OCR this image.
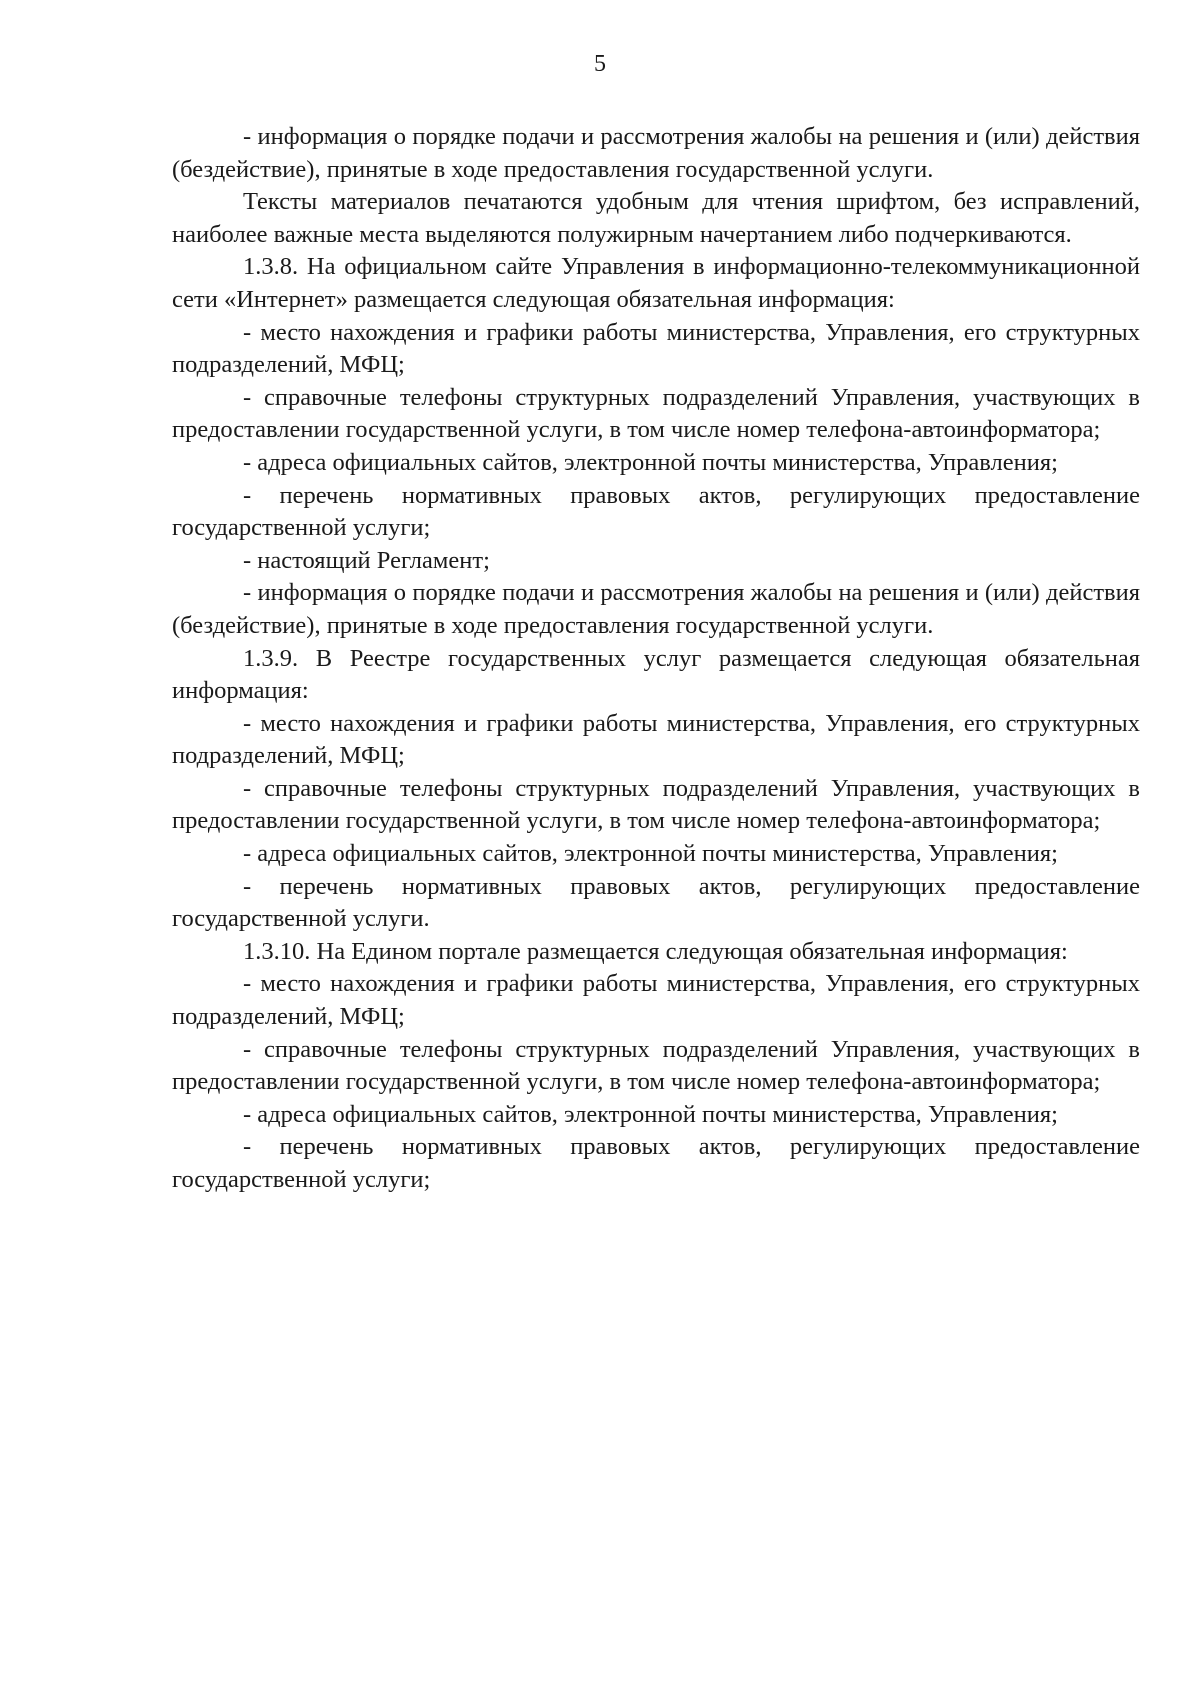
5

- информация о порядке подачи и рассмотрения жалобы на решения и (или) действия (бездействие), принятые в ходе предоставления государственной услуги.

Тексты материалов печатаются удобным для чтения шрифтом, без исправлений, наиболее важные места выделяются полужирным начертанием либо подчеркиваются.

1.3.8. На официальном сайте Управления в информационно-телекоммуникационной сети «Интернет» размещается следующая обязательная информация:

- место нахождения и графики работы министерства, Управления, его структурных подразделений, МФЦ;

- справочные телефоны структурных подразделений Управления, участвующих в предоставлении государственной услуги, в том числе номер телефона-автоинформатора;

- адреса официальных сайтов, электронной почты министерства, Управления;

- перечень нормативных правовых актов, регулирующих предоставление государственной услуги;

- настоящий Регламент;

- информация о порядке подачи и рассмотрения жалобы на решения и (или) действия (бездействие), принятые в ходе предоставления государственной услуги.

1.3.9. В Реестре государственных услуг размещается следующая обязательная информация:

- место нахождения и графики работы министерства, Управления, его структурных подразделений, МФЦ;

- справочные телефоны структурных подразделений Управления, участвующих в предоставлении государственной услуги, в том числе номер телефона-автоинформатора;

- адреса официальных сайтов, электронной почты министерства, Управления;

- перечень нормативных правовых актов, регулирующих предоставление государственной услуги.

1.3.10. На Едином портале размещается следующая обязательная информация:

- место нахождения и графики работы министерства, Управления, его структурных подразделений, МФЦ;

- справочные телефоны структурных подразделений Управления, участвующих в предоставлении государственной услуги, в том числе номер телефона-автоинформатора;

- адреса официальных сайтов, электронной почты министерства, Управления;

- перечень нормативных правовых актов, регулирующих предоставление государственной услуги;
